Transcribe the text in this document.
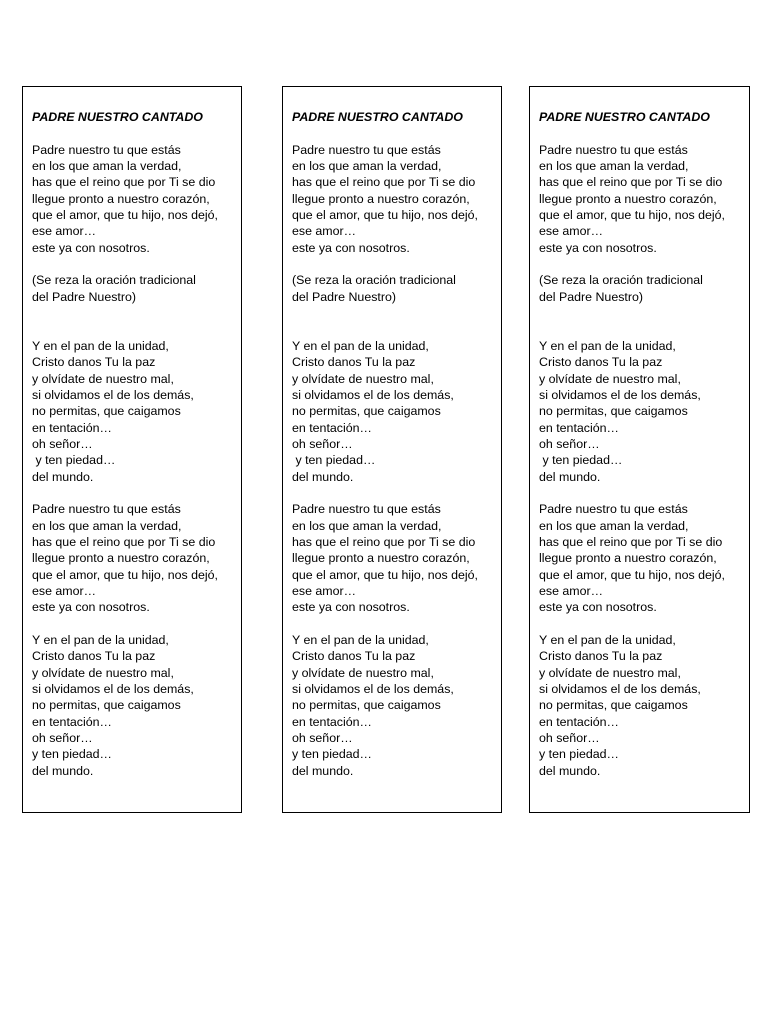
PADRE NUESTRO CANTADO
Padre nuestro tu que estás
en los que aman la verdad,
has que el reino que por Ti se dio
llegue pronto a nuestro corazón,
que el amor, que tu hijo, nos dejó,
ese amor…
este ya con nosotros.
(Se reza la oración tradicional
del Padre Nuestro)
Y en el pan de la unidad,
Cristo danos Tu la paz
y olvídate de nuestro mal,
si olvidamos el de los demás,
no permitas, que caigamos
en tentación…
oh señor…
y ten piedad…
del mundo.
Padre nuestro tu que estás
en los que aman la verdad,
has que el reino que por Ti se dio
llegue pronto a nuestro corazón,
que el amor, que tu hijo, nos dejó,
ese amor…
este ya con nosotros.
Y en el pan de la unidad,
Cristo danos Tu la paz
y olvídate de nuestro mal,
si olvidamos el de los demás,
no permitas, que caigamos
en tentación…
oh señor…
y ten piedad…
del mundo.
PADRE NUESTRO CANTADO
Padre nuestro tu que estás
en los que aman la verdad,
has que el reino que por Ti se dio
llegue pronto a nuestro corazón,
que el amor, que tu hijo, nos dejó,
ese amor…
este ya con nosotros.
(Se reza la oración tradicional
del Padre Nuestro)
Y en el pan de la unidad,
Cristo danos Tu la paz
y olvídate de nuestro mal,
si olvidamos el de los demás,
no permitas, que caigamos
en tentación…
oh señor…
y ten piedad…
del mundo.
Padre nuestro tu que estás
en los que aman la verdad,
has que el reino que por Ti se dio
llegue pronto a nuestro corazón,
que el amor, que tu hijo, nos dejó,
ese amor…
este ya con nosotros.
Y en el pan de la unidad,
Cristo danos Tu la paz
y olvídate de nuestro mal,
si olvidamos el de los demás,
no permitas, que caigamos
en tentación…
oh señor…
y ten piedad…
del mundo.
PADRE NUESTRO CANTADO
Padre nuestro tu que estás
en los que aman la verdad,
has que el reino que por Ti se dio
llegue pronto a nuestro corazón,
que el amor, que tu hijo, nos dejó,
ese amor…
este ya con nosotros.
(Se reza la oración tradicional
del Padre Nuestro)
Y en el pan de la unidad,
Cristo danos Tu la paz
y olvídate de nuestro mal,
si olvidamos el de los demás,
no permitas, que caigamos
en tentación…
oh señor…
y ten piedad…
del mundo.
Padre nuestro tu que estás
en los que aman la verdad,
has que el reino que por Ti se dio
llegue pronto a nuestro corazón,
que el amor, que tu hijo, nos dejó,
ese amor…
este ya con nosotros.
Y en el pan de la unidad,
Cristo danos Tu la paz
y olvídate de nuestro mal,
si olvidamos el de los demás,
no permitas, que caigamos
en tentación…
oh señor…
y ten piedad…
del mundo.
